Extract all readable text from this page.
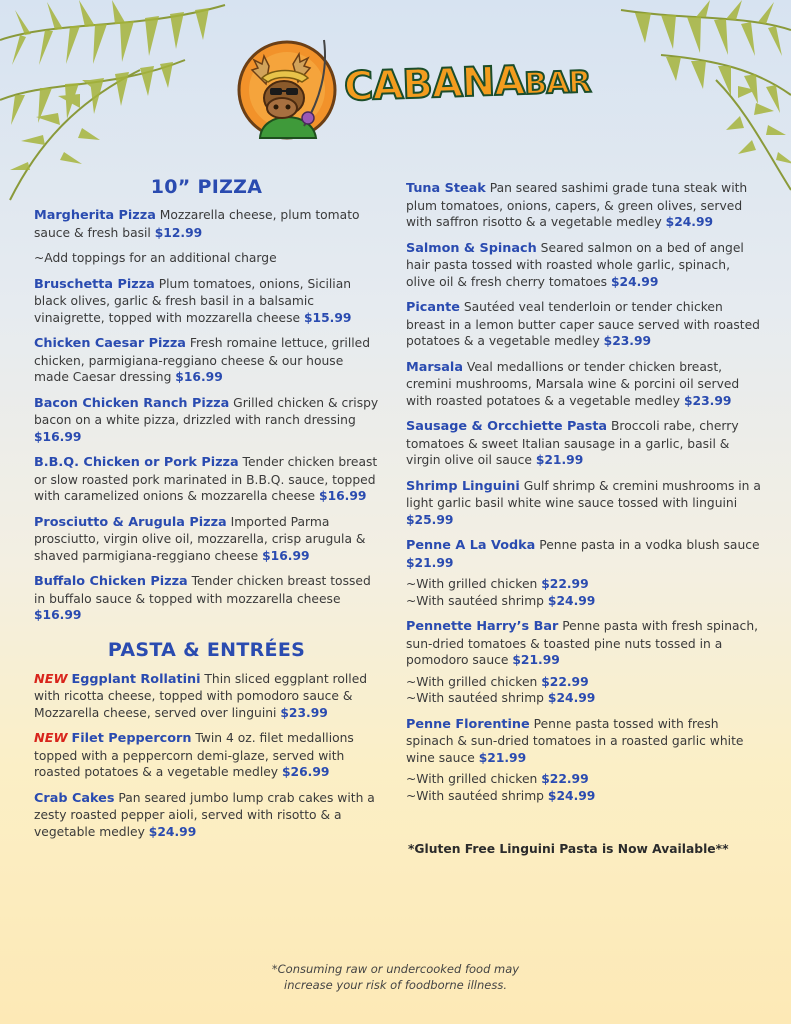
CABANABAR
10” PIZZA
Margherita Pizza Mozzarella cheese, plum tomato sauce & fresh basil $12.99
~Add toppings for an additional charge
Bruschetta Pizza Plum tomatoes, onions, Sicilian black olives, garlic & fresh basil in a balsamic vinaigrette, topped with mozzarella cheese $15.99
Chicken Caesar Pizza Fresh romaine lettuce, grilled chicken, parmigiana-reggiano cheese & our house made Caesar dressing $16.99
Bacon Chicken Ranch Pizza Grilled chicken & crispy bacon on a white pizza, drizzled with ranch dressing $16.99
B.B.Q. Chicken or Pork Pizza Tender chicken breast or slow roasted pork marinated in B.B.Q. sauce, topped with caramelized onions & mozzarella cheese $16.99
Prosciutto & Arugula Pizza Imported Parma prosciutto, virgin olive oil, mozzarella, crisp arugula & shaved parmigiana-reggiano cheese $16.99
Buffalo Chicken Pizza Tender chicken breast tossed in buffalo sauce & topped with mozzarella cheese $16.99
PASTA & ENTRÉES
NEW Eggplant Rollatini Thin sliced eggplant rolled with ricotta cheese, topped with pomodoro sauce & Mozzarella cheese, served over linguini $23.99
NEW Filet Peppercorn Twin 4 oz. filet medallions topped with a peppercorn demi-glaze, served with roasted potatoes & a vegetable medley $26.99
Crab Cakes Pan seared jumbo lump crab cakes with a zesty roasted pepper aioli, served with risotto & a vegetable medley $24.99
Tuna Steak Pan seared sashimi grade tuna steak with plum tomatoes, onions, capers, & green olives, served with saffron risotto & a vegetable medley $24.99
Salmon & Spinach Seared salmon on a bed of angel hair pasta tossed with roasted whole garlic, spinach, olive oil & fresh cherry tomatoes $24.99
Picante Sautéed veal tenderloin or tender chicken breast in a lemon butter caper sauce served with roasted potatoes & a vegetable medley $23.99
Marsala Veal medallions or tender chicken breast, cremini mushrooms, Marsala wine & porcini oil served with roasted potatoes & a vegetable medley $23.99
Sausage & Orcchiette Pasta Broccoli rabe, cherry tomatoes & sweet Italian sausage in a garlic, basil & virgin olive oil sauce $21.99
Shrimp Linguini Gulf shrimp & cremini mushrooms in a light garlic basil white wine sauce tossed with linguini $25.99
Penne A La Vodka Penne pasta in a vodka blush sauce $21.99
~With grilled chicken $22.99
~With sautéed shrimp $24.99
Pennette Harry’s Bar Penne pasta with fresh spinach, sun-dried tomatoes & toasted pine nuts tossed in a pomodoro sauce $21.99
~With grilled chicken $22.99
~With sautéed shrimp $24.99
Penne Florentine Penne pasta tossed with fresh spinach & sun-dried tomatoes in a roasted garlic white wine sauce $21.99
~With grilled chicken $22.99
~With sautéed shrimp $24.99
*Gluten Free Linguini Pasta is Now Available**
*Consuming raw or undercooked food may
increase your risk of foodborne illness.
